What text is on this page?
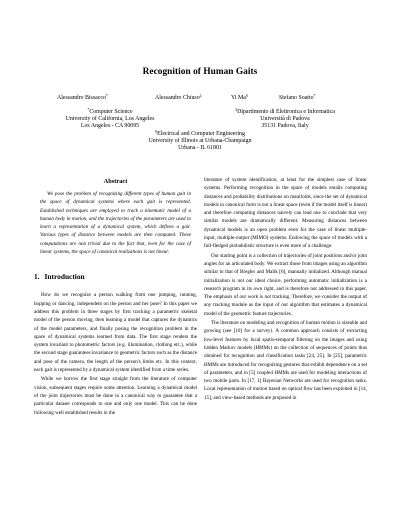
Recognition of Human Gaits
Alessandro Bissacco*	Alessandro Chiuso‡	Yi Ma§	Stefano Soatto*
*Computer Science
University of California, Los Angeles
Los Angeles - CA 90095
‡Dipartimento di Elettronica e Informatica
Università di Padova
35131 Padova, Italy
§Electrical and Computer Engineering
University of Illinois at Urbana-Champaign
Urbana - IL 61801
Abstract

We pose the problem of recognizing different types of human gait in the space of dynamical systems where each gait is represented. Established techniques are employed to track a kinematic model of a human body in motion, and the trajectories of the parameters are used to learn a representation of a dynamical system, which defines a gait. Various types of distance between models are then computed. These computations are non trivial due to the fact that, even for the case of linear systems, the space of canonical realizations is not linear.

1. Introduction

How do we recognize a person walking from one jumping, running, hopping or dancing, independent on the person and her pose? In this paper we address this problem in three stages by first tracking a parametric skeletal model of the person moving, then learning a model that captures the dynamics of the model parameters, and finally posing the recognition problem in the space of dynamical systems learned from data. The first stage renders the system invariant to photometric factors (e.g. illumination, clothing etc.), while the second stage guarantees invariance to geometric factors such as the distance and pose of the camera, the length of the person's limbs etc. In this context, each gait is represented by a dynamical system identified from a time series.

While we borrow the first stage straight from the literature of computer vision, subsequent stages require some attention. Learning a dynamical model of the joint trajectories must be done in a canonical way to guarantee that a particular dataset corresponds to one and only one model. This can be done following well established results in the

literature of system identification, at least for the simplest case of linear systems. Performing recognition in the space of models entails computing distances and probability distributions on manifolds, since the set of dynamical models in canonical form is not a linear space (even if the model itself is linear) and therefore computing distances naively can lead one to conclude that very similar models are dramatically different. Measuring distances between dynamical models is an open problem even for the case of linear multiple-input, multiple-output (MIMO) systems. Endowing the space of models with a full-fledged probabilistic structure is even more of a challenge.

Our starting point is a collection of trajectories of joint positions and/or joint angles for an articulated body. We extract those from images using an algorithm similar to that of Bregler and Malik [6], manually initialized. Although manual initialization is not our ideal choice, performing automatic initialization is a research program in its own right, and is therefore not addressed in this paper. The emphasis of our work is not tracking. Therefore, we consider the output of any tracking module as the input of our algorithm that estimates a dynamical model of the geometric feature trajectories.

The literature on modeling and recognition of human motion is sizeable and growing (see [10] for a survey). A common approach consists of extracting low-level features by local spatio-temporal filtering on the images and using hidden Markov models (HMMs) on the collection of sequences of points thus obtained for recognition and classification tasks [24, 25]. In [25], parametric HMMs are introduced for recognizing gestures that exhibit dependence on a set of parameters, and in [5] coupled HMMs are used for modeling interactions of two mobile parts. In [17, 1] Bayesian Networks are used for recognition tasks. Local representation of motion based on optical flow has been exploited in [14, 15], and view-based methods are proposed in
